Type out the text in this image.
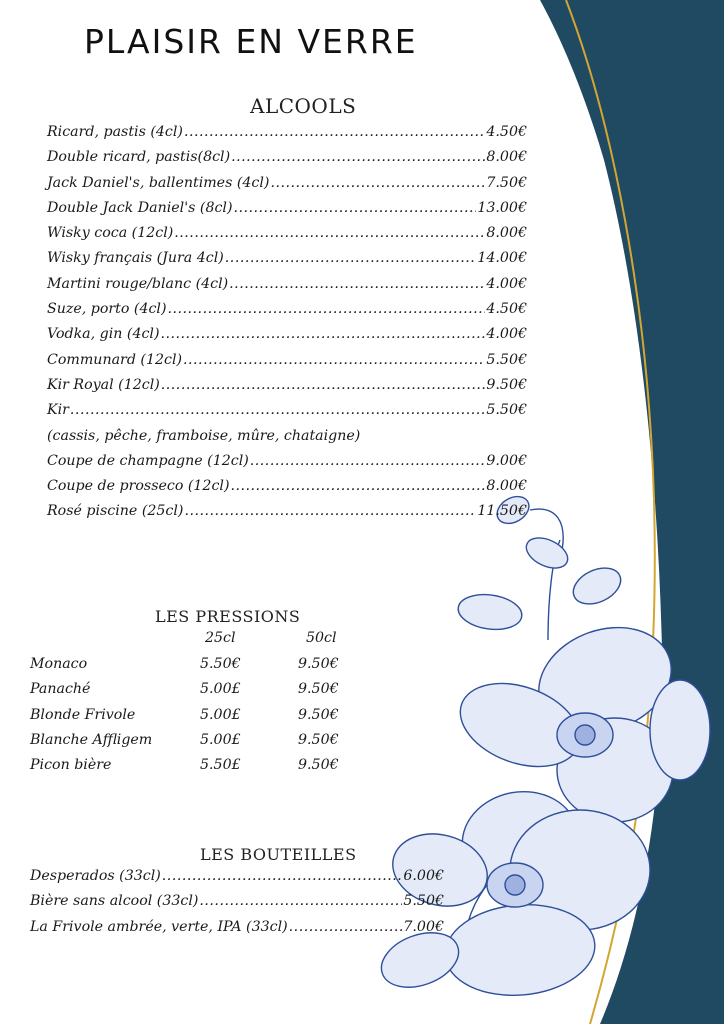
PLAISIR EN VERRE
ALCOOLS
Ricard, pastis (4cl) .....	4.50€
Double ricard, pastis(8cl) .....	8.00€
Jack Daniel's, ballentimes (4cl) .....	7.50€
Double Jack Daniel's (8cl) .....	13.00€
Wisky coca (12cl) .....	8.00€
Wisky français (Jura 4cl) .....	14.00€
Martini rouge/blanc (4cl) .....	4.00€
Suze, porto (4cl) .....	4.50€
Vodka, gin (4cl) .....	4.00€
Communard (12cl) .....	5.50€
Kir Royal (12cl) .....	9.50€
Kir .....	5.50€
(cassis, pêche, framboise, mûre, chataigne)
Coupe de champagne (12cl) .....	9.00€
Coupe de prosseco (12cl) .....	8.00€
Rosé piscine (25cl) .....	11.50€
LES PRESSIONS
25cl	50cl
Monaco	5.50€	9.50€
Panaché	5.00£	9.50€
Blonde Frivole	5.00£	9.50€
Blanche Affligem	5.00£	9.50€
Picon bière	5.50£	9.50€
LES BOUTEILLES
Desperados (33cl) .....	6.00€
Bière sans alcool (33cl) .....	5.50€
La Frivole ambrée, verte, IPA (33cl) .....	7.00€
